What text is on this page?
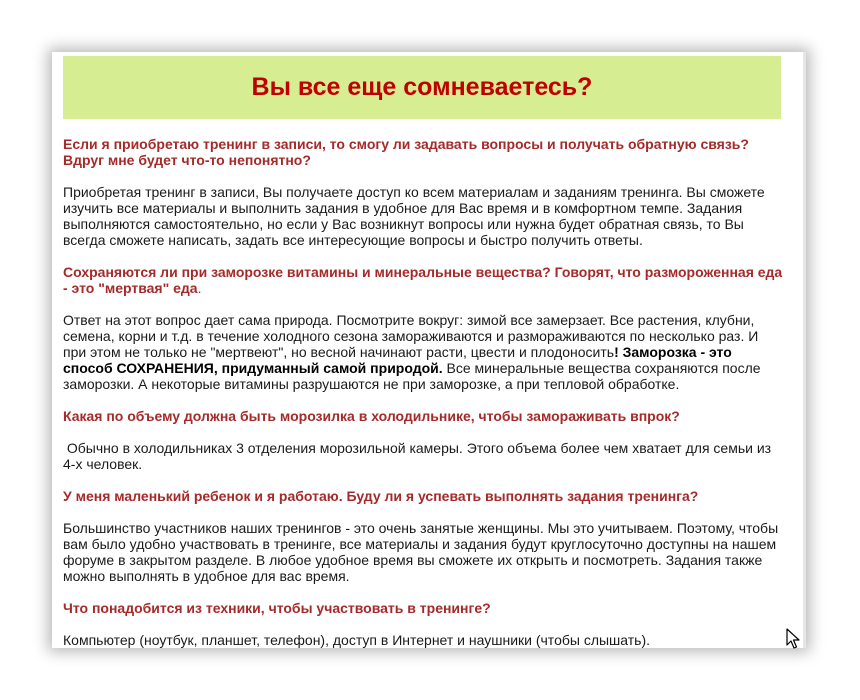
Вы все еще сомневаетесь?

Если я приобретаю тренинг в записи, то смогу ли задавать вопросы и получать обратную связь? Вдруг мне будет что-то непонятно?

Приобретая тренинг в записи, Вы получаете доступ ко всем материалам и заданиям тренинга. Вы сможете изучить все материалы и выполнить задания в удобное для Вас время и в комфортном темпе. Задания выполняются самостоятельно, но если у Вас возникнут вопросы или нужна будет обратная связь, то Вы всегда сможете написать, задать все интересующие вопросы и быстро получить ответы.

Сохраняются ли при заморозке витамины и минеральные вещества? Говорят, что размороженная еда - это "мертвая" еда.

Ответ на этот вопрос дает сама природа. Посмотрите вокруг: зимой все замерзает. Все растения, клубни, семена, корни и т.д. в течение холодного сезона замораживаются и размораживаются по несколько раз. И при этом не только не "мертвеют", но весной начинают расти, цвести и плодоносить! Заморозка - это способ СОХРАНЕНИЯ, придуманный самой природой. Все минеральные вещества сохраняются после заморозки. А некоторые витамины разрушаются не при заморозке, а при тепловой обработке.

Какая по объему должна быть морозилка в холодильнике, чтобы замораживать впрок?

Обычно в холодильниках 3 отделения морозильной камеры. Этого объема более чем хватает для семьи из 4-х человек.

У меня маленький ребенок и я работаю. Буду ли я успевать выполнять задания тренинга?

Большинство участников наших тренингов - это очень занятые женщины. Мы это учитываем. Поэтому, чтобы вам было удобно участвовать в тренинге, все материалы и задания будут круглосуточно доступны на нашем форуме в закрытом разделе. В любое удобное время вы сможете их открыть и посмотреть. Задания также можно выполнять в удобное для вас время.

Что понадобится из техники, чтобы участвовать в тренинге?

Компьютер (ноутбук, планшет, телефон), доступ в Интернет и наушники (чтобы слышать).
